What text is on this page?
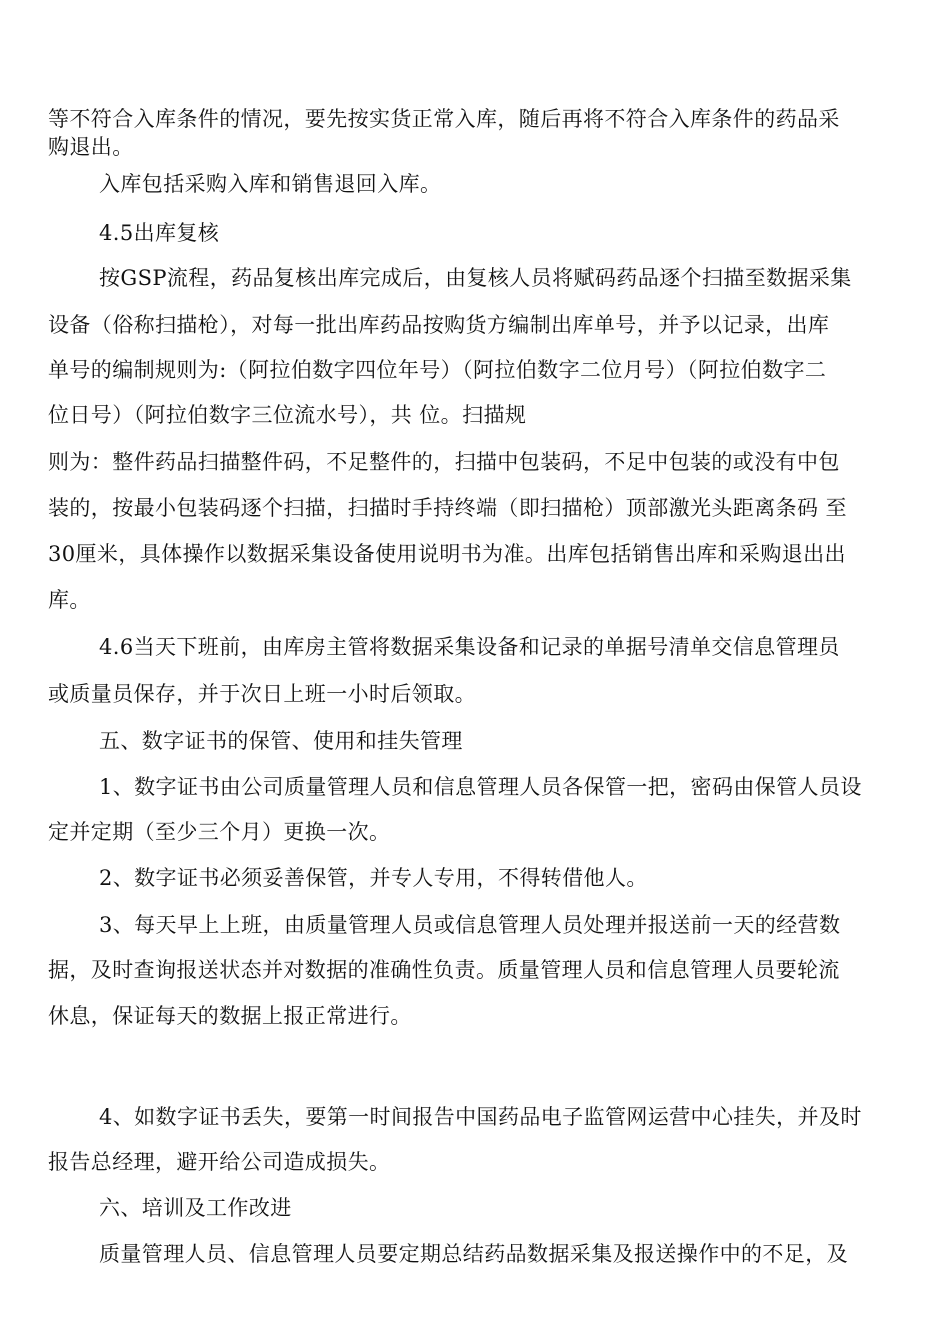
等不符合入库条件的情况，要先按实货正常入库，随后再将不符合入库条件的药品采
购退出。
入库包括采购入库和销售退回入库。
4.5出库复核
按GSP流程，药品复核出库完成后，由复核人员将赋码药品逐个扫描至数据采集
设备（俗称扫描枪），对每一批出库药品按购货方编制出库单号，并予以记录，出库
单号的编制规则为:（阿拉伯数字四位年号）（阿拉伯数字二位月号）（阿拉伯数字二
位日号）（阿拉伯数字三位流水号），共 位。扫描规
则为：整件药品扫描整件码，不足整件的，扫描中包装码，不足中包装的或没有中包
装的，按最小包装码逐个扫描，扫描时手持终端（即扫描枪）顶部激光头距离条码 至
30厘米，具体操作以数据采集设备使用说明书为准。出库包括销售出库和采购退出出
库。
4.6当天下班前，由库房主管将数据采集设备和记录的单据号清单交信息管理员
或质量员保存，并于次日上班一小时后领取。
五、数字证书的保管、使用和挂失管理
1、数字证书由公司质量管理人员和信息管理人员各保管一把，密码由保管人员设
定并定期（至少三个月）更换一次。
2、数字证书必须妥善保管，并专人专用，不得转借他人。
3、每天早上上班，由质量管理人员或信息管理人员处理并报送前一天的经营数
据，及时查询报送状态并对数据的准确性负责。质量管理人员和信息管理人员要轮流
休息，保证每天的数据上报正常进行。
4、如数字证书丢失，要第一时间报告中国药品电子监管网运营中心挂失，并及时
报告总经理，避开给公司造成损失。
六、培训及工作改进
质量管理人员、信息管理人员要定期总结药品数据采集及报送操作中的不足，及
